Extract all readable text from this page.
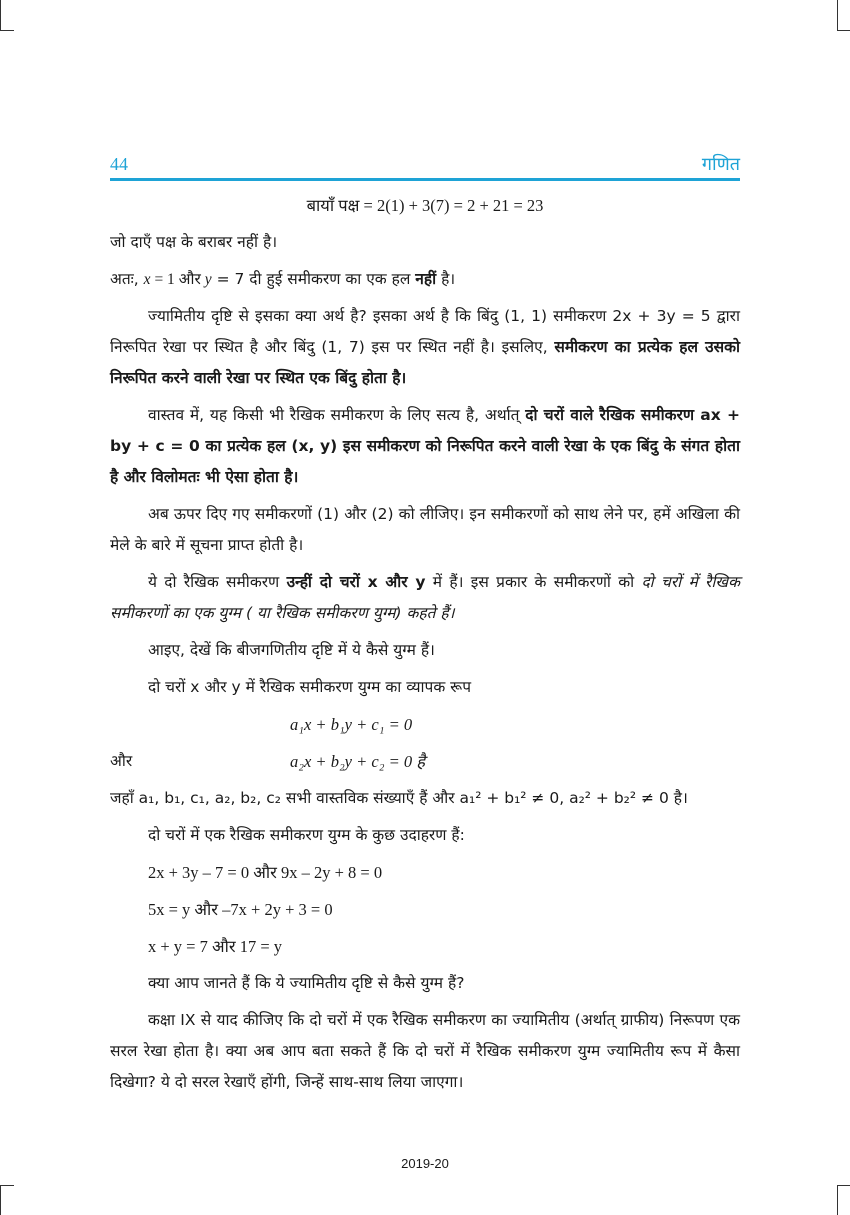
44	गणित

बायाँ पक्ष = 2(1) + 3(7) = 2 + 21 = 23

जो दाएँ पक्ष के बराबर नहीं है।

अतः, x = 1 और y = 7 दी हुई समीकरण का एक हल नहीं है।

ज्यामितीय दृष्टि से इसका क्या अर्थ है? इसका अर्थ है कि बिंदु (1, 1) समीकरण 2x + 3y = 5 द्वारा निरूपित रेखा पर स्थित है और बिंदु (1, 7) इस पर स्थित नहीं है। इसलिए, समीकरण का प्रत्येक हल उसको निरूपित करने वाली रेखा पर स्थित एक बिंदु होता है।

वास्तव में, यह किसी भी रैखिक समीकरण के लिए सत्य है, अर्थात् दो चरों वाले रैखिक समीकरण ax + by + c = 0 का प्रत्येक हल (x, y) इस समीकरण को निरूपित करने वाली रेखा के एक बिंदु के संगत होता है और विलोमतः भी ऐसा होता है।

अब ऊपर दिए गए समीकरणों (1) और (2) को लीजिए। इन समीकरणों को साथ लेने पर, हमें अखिला की मेले के बारे में सूचना प्राप्त होती है।

ये दो रैखिक समीकरण उन्हीं दो चरों x और y में हैं। इस प्रकार के समीकरणों को दो चरों में रैखिक समीकरणों का एक युग्म ( या रैखिक समीकरण युग्म) कहते हैं।

आइए, देखें कि बीजगणितीय दृष्टि में ये कैसे युग्म हैं।

दो चरों x और y में रैखिक समीकरण युग्म का व्यापक रूप

a₁x + b₁y + c₁ = 0

और	a₂x + b₂y + c₂ = 0 है

जहाँ a₁, b₁, c₁, a₂, b₂, c₂ सभी वास्तविक संख्याएँ हैं और a₁² + b₁² ≠ 0, a₂² + b₂² ≠ 0 है।

दो चरों में एक रैखिक समीकरण युग्म के कुछ उदाहरण हैं:

2x + 3y – 7 = 0 और 9x – 2y + 8 = 0

5x = y और –7x + 2y + 3 = 0

x + y = 7 और 17 = y

क्या आप जानते हैं कि ये ज्यामितीय दृष्टि से कैसे युग्म हैं?

कक्षा IX से याद कीजिए कि दो चरों में एक रैखिक समीकरण का ज्यामितीय (अर्थात् ग्राफीय) निरूपण एक सरल रेखा होता है। क्या अब आप बता सकते हैं कि दो चरों में रैखिक समीकरण युग्म ज्यामितीय रूप में कैसा दिखेगा? ये दो सरल रेखाएँ होंगी, जिन्हें साथ-साथ लिया जाएगा।

2019-20
